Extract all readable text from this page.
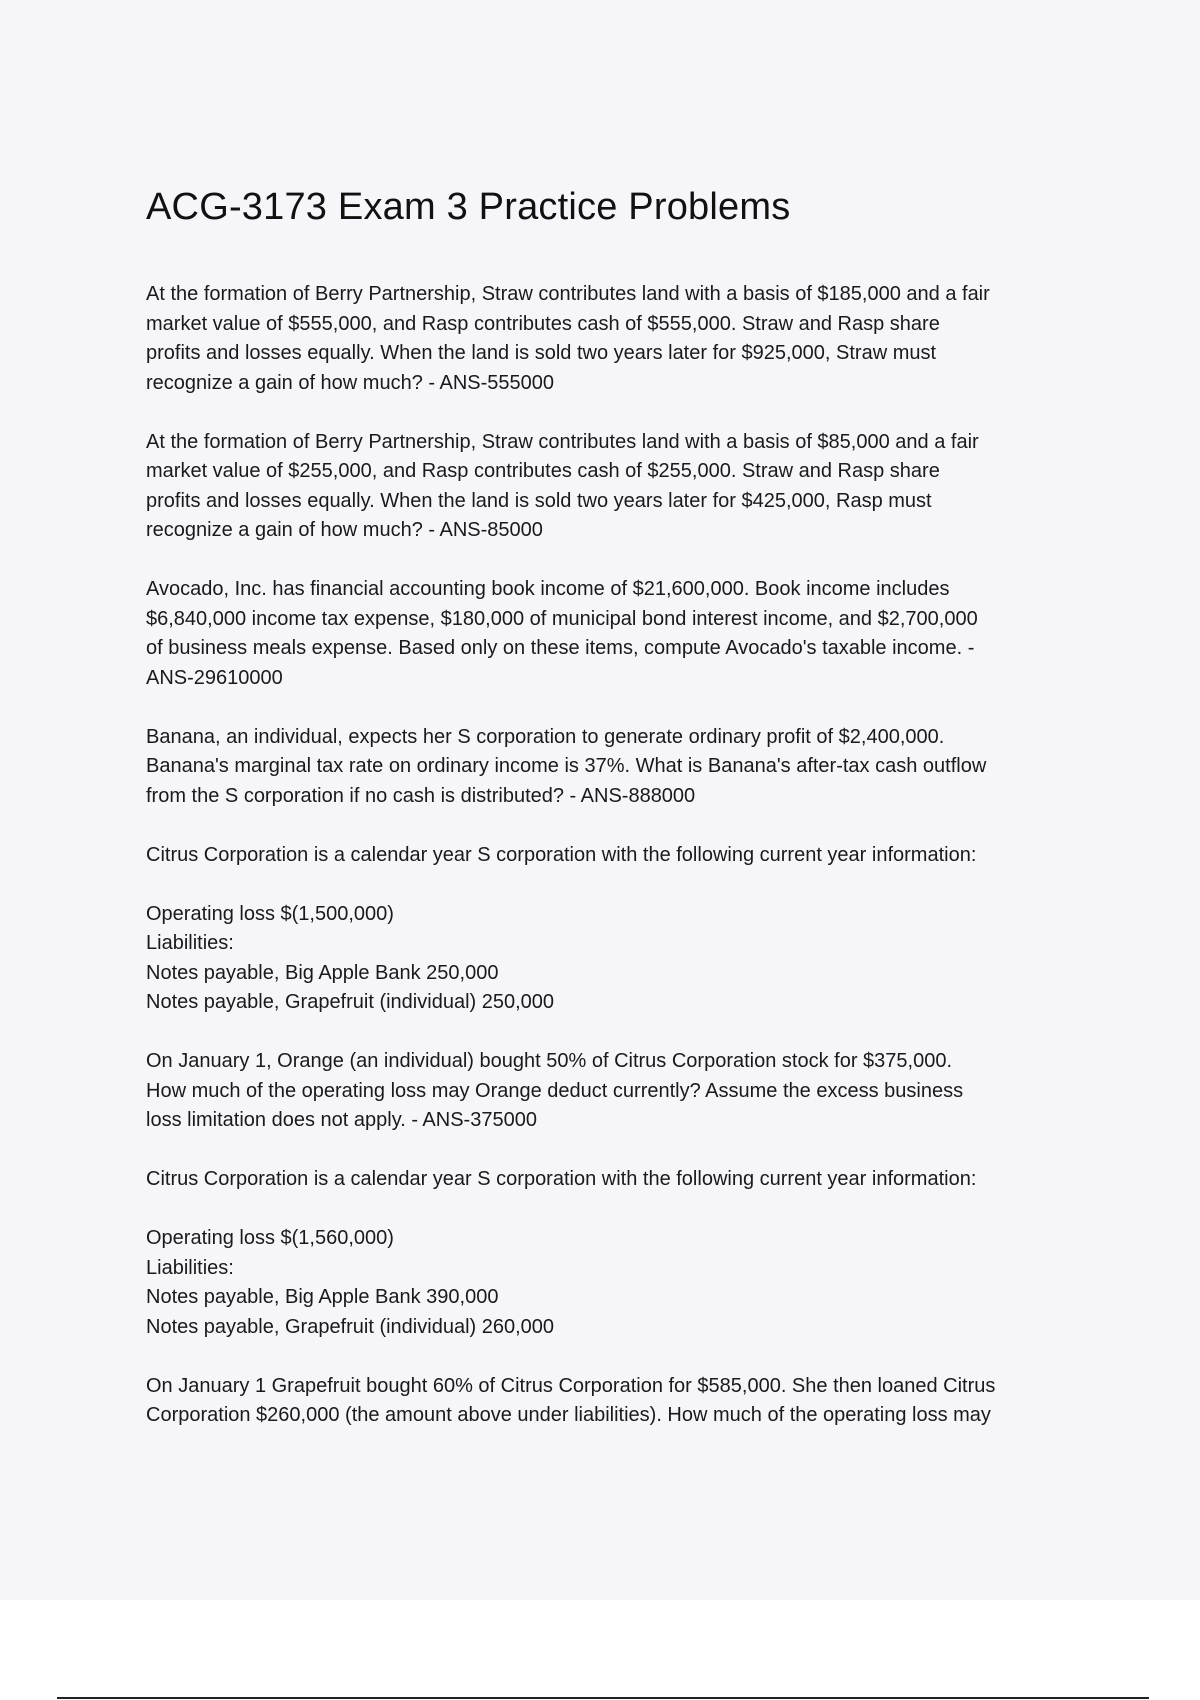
ACG-3173 Exam 3 Practice Problems

At the formation of Berry Partnership, Straw contributes land with a basis of $185,000 and a fair
market value of $555,000, and Rasp contributes cash of $555,000. Straw and Rasp share
profits and losses equally. When the land is sold two years later for $925,000, Straw must
recognize a gain of how much? - ANS-555000

At the formation of Berry Partnership, Straw contributes land with a basis of $85,000 and a fair
market value of $255,000, and Rasp contributes cash of $255,000. Straw and Rasp share
profits and losses equally. When the land is sold two years later for $425,000, Rasp must
recognize a gain of how much? - ANS-85000

Avocado, Inc. has financial accounting book income of $21,600,000. Book income includes
$6,840,000 income tax expense, $180,000 of municipal bond interest income, and $2,700,000
of business meals expense. Based only on these items, compute Avocado's taxable income. -
ANS-29610000

Banana, an individual, expects her S corporation to generate ordinary profit of $2,400,000.
Banana's marginal tax rate on ordinary income is 37%. What is Banana's after-tax cash outflow
from the S corporation if no cash is distributed? - ANS-888000

Citrus Corporation is a calendar year S corporation with the following current year information:

Operating loss $(1,500,000)
Liabilities:
Notes payable, Big Apple Bank 250,000
Notes payable, Grapefruit (individual) 250,000

On January 1, Orange (an individual) bought 50% of Citrus Corporation stock for $375,000.
How much of the operating loss may Orange deduct currently? Assume the excess business
loss limitation does not apply. - ANS-375000

Citrus Corporation is a calendar year S corporation with the following current year information:

Operating loss $(1,560,000)
Liabilities:
Notes payable, Big Apple Bank 390,000
Notes payable, Grapefruit (individual) 260,000

On January 1 Grapefruit bought 60% of Citrus Corporation for $585,000. She then loaned Citrus
Corporation $260,000 (the amount above under liabilities). How much of the operating loss may
